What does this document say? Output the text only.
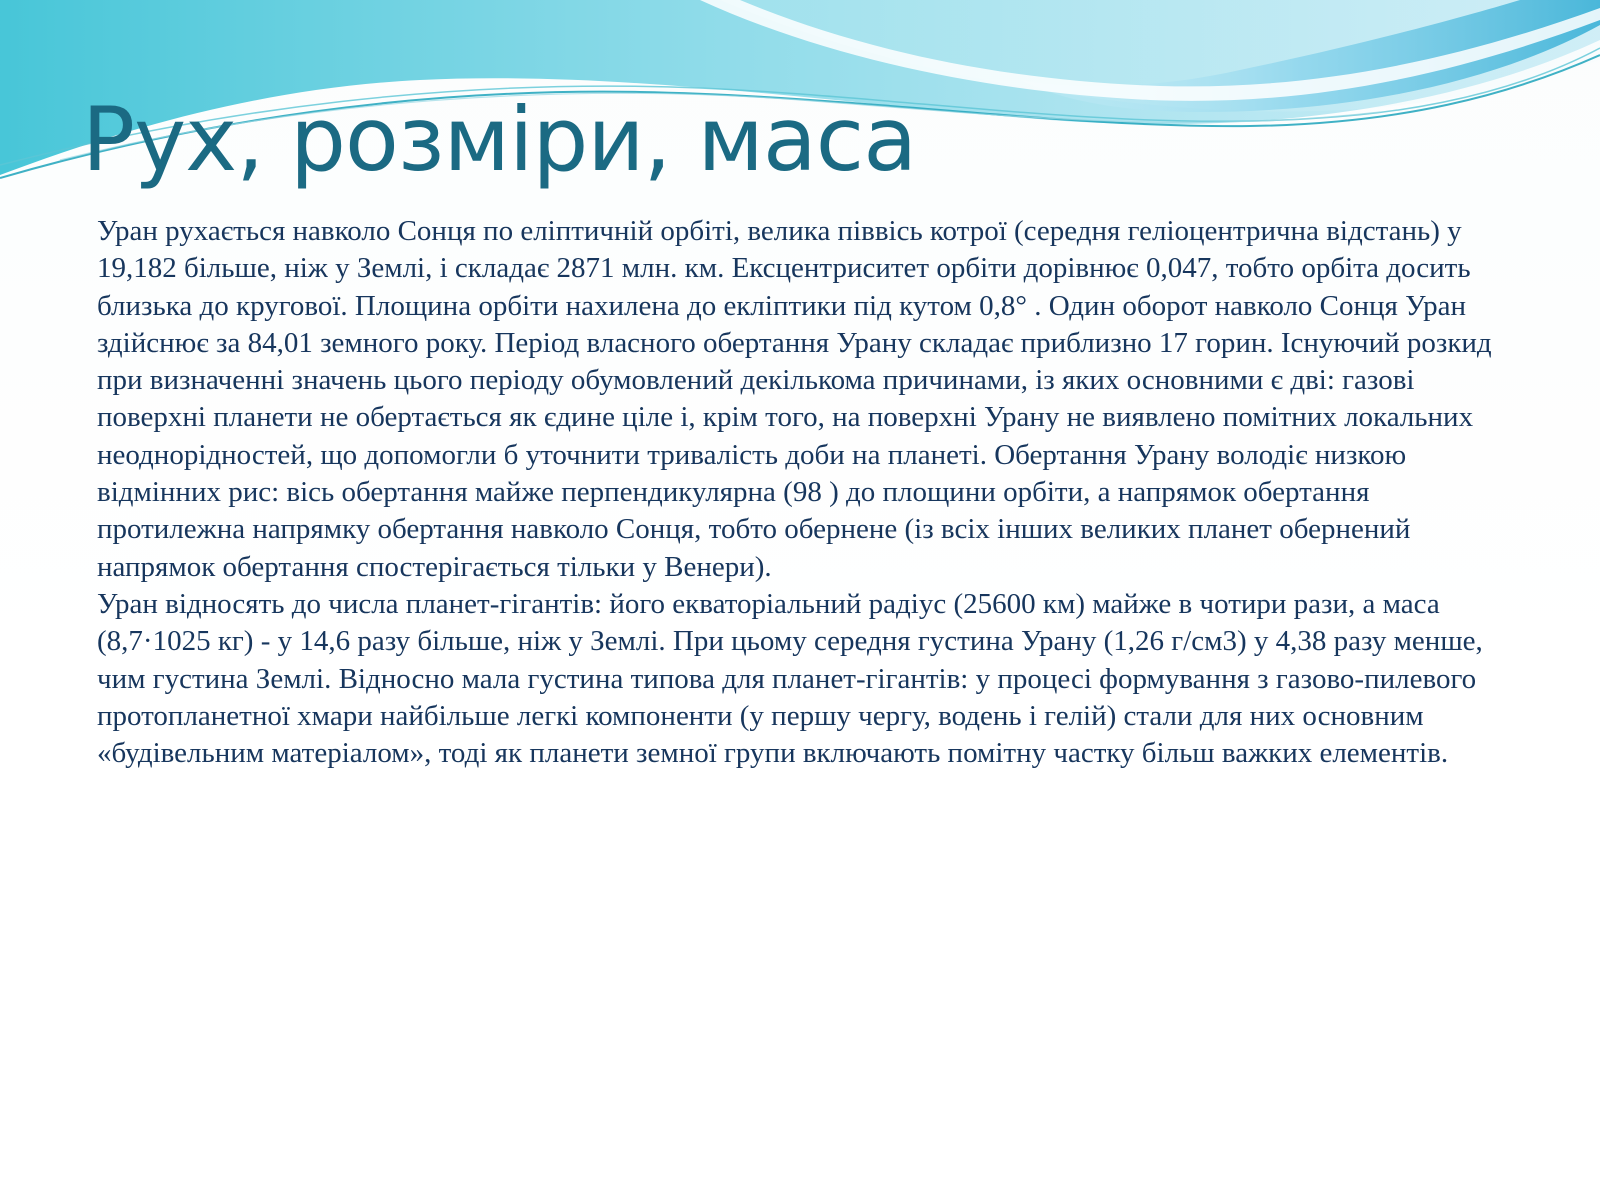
Рух, розміри, маса

Уран рухається навколо Сонця по еліптичній орбіті, велика піввісь котрої (середня геліоцентрична відстань) у 19,182 більше, ніж у Землі, і складає 2871 млн. км. Ексцентриситет орбіти дорівнює 0,047, тобто орбіта досить близька до кругової. Площина орбіти нахилена до екліптики під кутом 0,8° . Один оборот навколо Сонця Уран здійснює за 84,01 земного року. Період власного обертання Урану складає приблизно 17 горин. Існуючий розкид при визначенні значень цього періоду обумовлений декількома причинами, із яких основними є дві: газові поверхні планети не обертається як єдине ціле і, крім того, на поверхні Урану не виявлено помітних локальних неоднорідностей, що допомогли б уточнити тривалість доби на планеті. Обертання Урану володіє низкою відмінних рис: вісь обертання майже перпендикулярна (98 ) до площини орбіти, а напрямок обертання протилежна напрямку обертання навколо Сонця, тобто обернене (із всіх інших великих планет обернений напрямок обертання спостерігається тільки у Венери).

Уран відносять до числа планет-гігантів: його екваторіальний радіус (25600 км) майже в чотири рази, а маса (8,7·1025 кг) - у 14,6 разу більше, ніж у Землі. При цьому середня густина Урану (1,26 г/см3) у 4,38 разу менше, чим густина Землі. Відносно мала густина типова для планет-гігантів: у процесі формування з газово-пилевого протопланетної хмари найбільше легкі компоненти (у першу чергу, водень і гелій) стали для них основним «будівельним матеріалом», тоді як планети земної групи включають помітну частку більш важких елементів.
